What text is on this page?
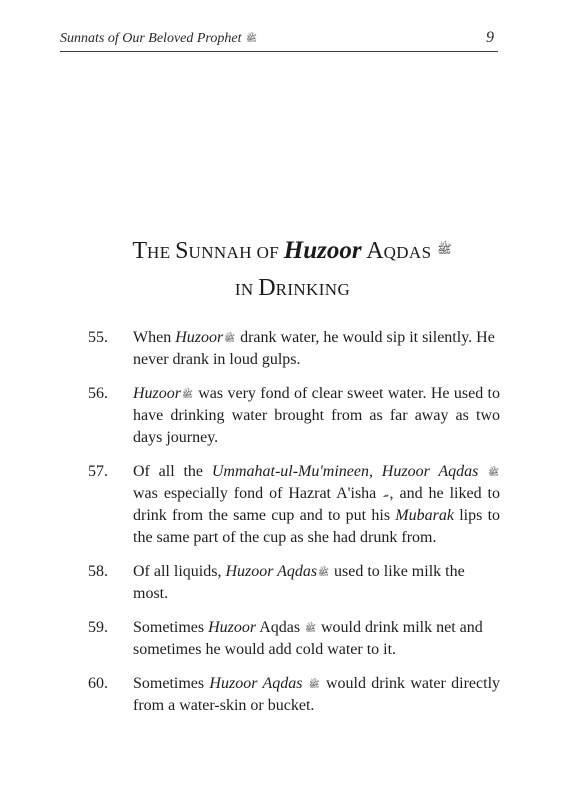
Sunnats of Our Beloved Prophet ﷺ	9
THE SUNNAH OF Huzoor AQDAS ﷺ
IN DRINKING
55.	When Huzoorﷺ drank water, he would sip it silently. He never drank in loud gulps.
56.	Huzoorﷺ was very fond of clear sweet water. He used to have drinking water brought from as far away as two days journey.
57.	Of all the Ummahat-ul-Mu'mineen, Huzoor Aqdas ﷺ was especially fond of Hazrat A'isha ؄, and he liked to drink from the same cup and to put his Mubarak lips to the same part of the cup as she had drunk from.
58.	Of all liquids, Huzoor Aqdasﷺ used to like milk the most.
59.	Sometimes Huzoor Aqdas ﷺ would drink milk net and sometimes he would add cold water to it.
60.	Sometimes Huzoor Aqdas ﷺ would drink water directly from a water-skin or bucket.
